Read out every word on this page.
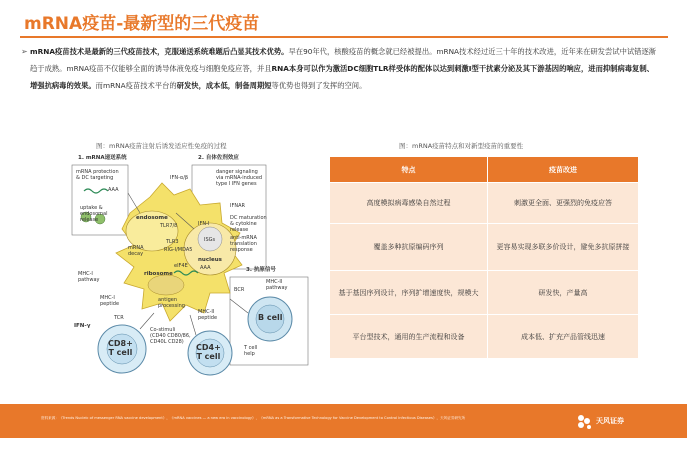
mRNA疫苗-最新型的三代疫苗
➢ mRNA疫苗技术是最新的三代疫苗技术，克服递送系统难题后凸显其技术优势。早在90年代，核酸疫苗的概念就已经被提出。mRNA技术经过近三十年的技术改进，近年来在研发尝试中试错逐渐趋于成熟。mRNA疫苗不仅能够全面的诱导体液免疫与细胞免疫应答，并且RNA本身可以作为激活DC细胞TLR样受体的配体以达到刺激Ⅰ型干扰素分泌及其下游基因的响应，进而抑制病毒复制、增强抗病毒的效果。而mRNA疫苗技术平台的研发快，成本低，制备周期短等优势也得到了发挥的空间。
图：mRNA疫苗注射后诱发适应性免疫的过程	图：mRNA疫苗特点和对新型疫苗的重要性
1. mRNA递送系统	2. 自体佐剂效应
3. 抗原信号
mRNA protection
& DC targeting
AAA
uptake &
endosomal
release
IFN-α/β
danger signaling
via mRNA-induced
type I IFN genes
endosome
TLR7/8
TLR3
RIG-I/MDA5
IFN-I
ISGs
IFNAR
DC maturation
& cytokine
release
anti-mRNA
translation
response
nucleus
mRNA
decay
eIF4E AAA
ribosome
MHC-I
pathway
MHC-I
peptide
antigen
processing
BCR
MHC-II
pathway
MHC-II
peptide	B cell
TCR
Co-stimuli
(CD40 CD80/86,
CD40L CD28)
IFN-γ
CD8+
T cell
CD4+
T cell
T cell
help
特点	疫苗改进
高度模拟病毒感染自然过程	刺激更全面、更强烈的免疫应答
覆盖多种抗原编码序列	更容易实现多联多价设计，避免多抗原拼接
基于基因序列设计，序列扩增速度快，规模大	研发快，产量高
平台型技术，通用的生产流程和设备	成本低、扩充产品管线迅速
资料来源：《Trends Nucleic of messenger RNA vaccine development》，《mRNA vaccines — a new era in vaccinology》，《mRNA as a Transformative Technology for Vaccine Development to Control Infectious Diseases》，天风证券研究所	天风证券
